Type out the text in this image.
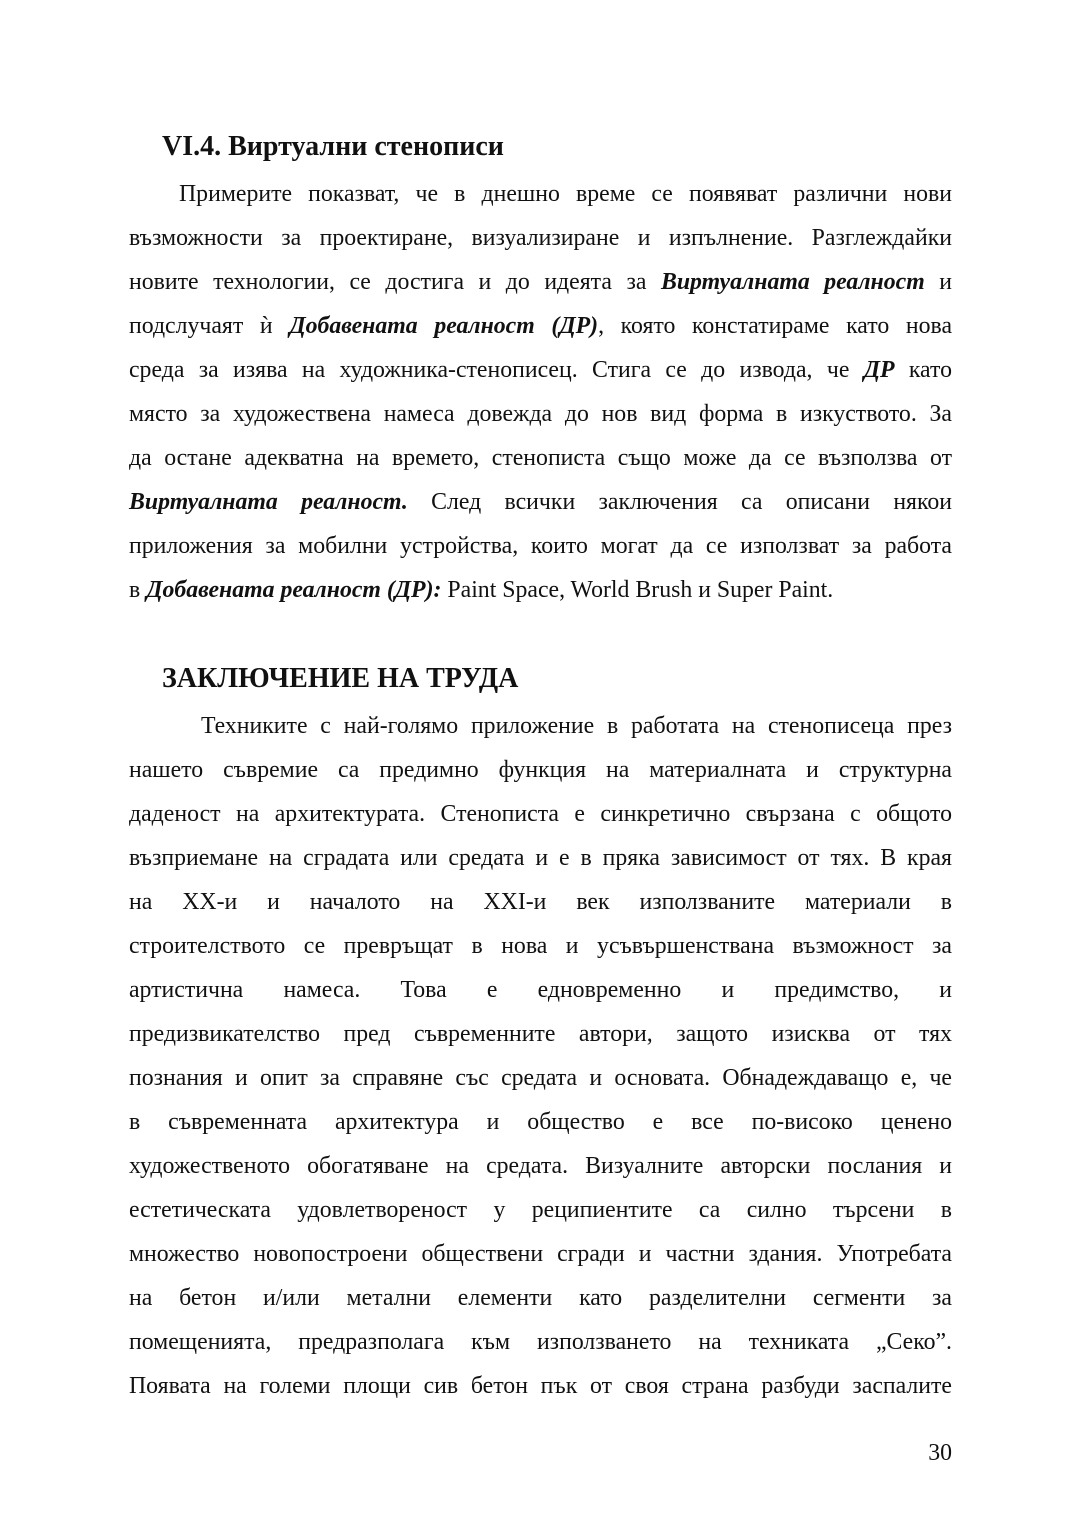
VI.4. Виртуални стенописи

Примерите показват, че в днешно време се появяват различни нови

възможности за проектиране, визуализиране и изпълнение. Разглеждайки

новите технологии, се достига и до идеята за Виртуалната реалност и

подслучаят ѝ Добавената реалност (ДР), която констатираме като нова

среда за изява на художника-стенописец. Стига се до извода, че ДР като

място за художествена намеса довежда до нов вид форма в изкуството. За

да остане адекватна на времето, стенописта също може да се възползва от

Виртуалната реалност. След всички заключения са описани някои

приложения за мобилни устройства, които могат да се използват за работа

в Добавената реалност (ДР): Paint Space, World Brush и Super Paint.

ЗАКЛЮЧЕНИЕ НА ТРУДА

Техниките с най-голямо приложение в работата на стенописеца през

нашето съвремие са предимно функция на материалната и структурна

даденост на архитектурата. Стенописта е синкретично свързана с общото

възприемане на сградата или средата и е в пряка зависимост от тях. В края

на XX-и и началото на XXI-и век използваните материали в

строителството се превръщат в нова и усъвършенствана възможност за

артистична намеса. Това е едновременно и предимство, и

предизвикателство пред съвременните автори, защото изисква от тях

познания и опит за справяне със средата и основата. Обнадеждаващо е, че

в съвременната архитектура и общество е все по-високо ценено

художественото обогатяване на средата. Визуалните авторски послания и

естетическата удовлетвореност у реципиентите са силно търсени в

множество новопостроени обществени сгради и частни здания. Употребата

на бетон и/или метални елементи като разделителни сегменти за

помещенията, предразполага към използването на техниката „Секо”.

Появата на големи площи сив бетон пък от своя страна разбуди заспалите

30
